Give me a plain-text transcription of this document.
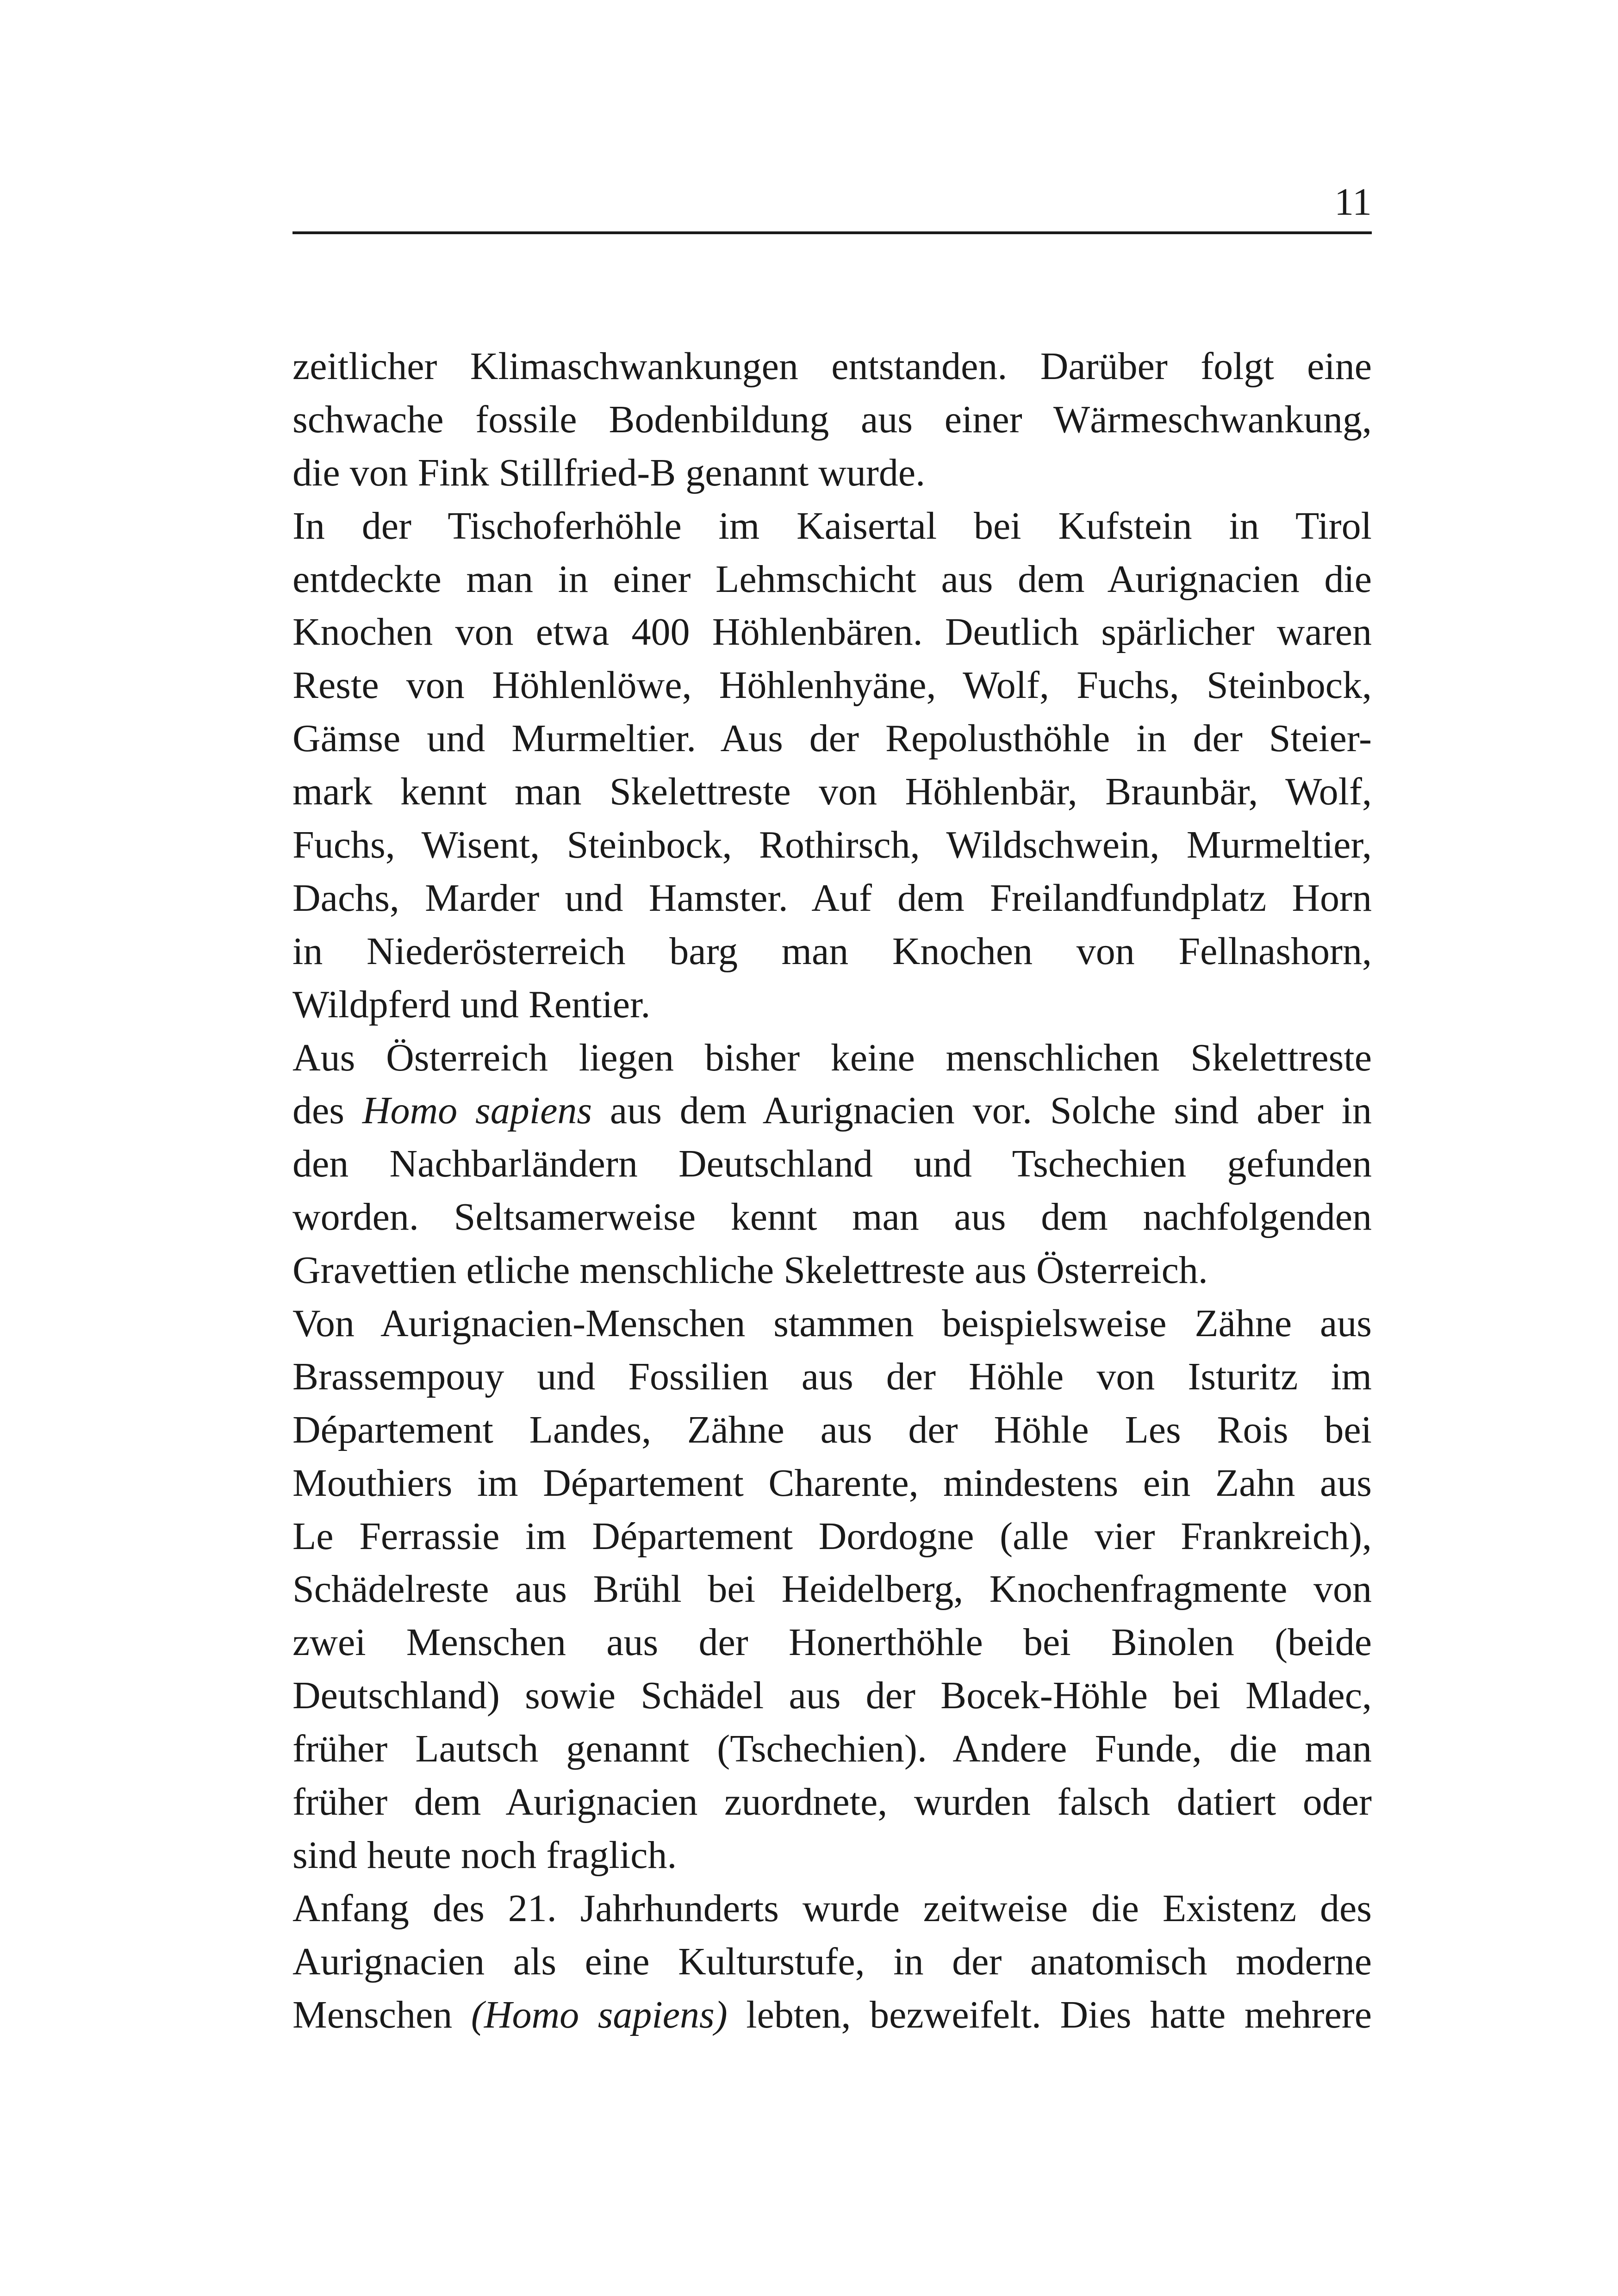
11
zeitlicher Klimaschwankungen entstanden. Darüber folgt eine
schwache fossile Bodenbildung aus einer Wärmeschwankung,
die von Fink Stillfried-B genannt wurde.
In der Tischoferhöhle im Kaisertal bei Kufstein in Tirol
entdeckte man in einer Lehmschicht aus dem Aurignacien die
Knochen von etwa 400 Höhlenbären. Deutlich spärlicher waren
Reste von Höhlenlöwe, Höhlenhyäne, Wolf, Fuchs, Steinbock,
Gämse und Murmeltier. Aus der Repolusthöhle in der Steier-
mark kennt man Skelettreste von Höhlenbär, Braunbär, Wolf,
Fuchs, Wisent, Steinbock, Rothirsch, Wildschwein, Murmeltier,
Dachs, Marder und Hamster. Auf dem Freilandfundplatz Horn
in Niederösterreich barg man Knochen von Fellnashorn,
Wildpferd und Rentier.
Aus Österreich liegen bisher keine menschlichen Skelettreste
des Homo sapiens aus dem Aurignacien vor. Solche sind aber in
den Nachbarländern Deutschland und Tschechien gefunden
worden. Seltsamerweise kennt man aus dem nachfolgenden
Gravettien etliche menschliche Skelettreste aus Österreich.
Von Aurignacien-Menschen stammen beispielsweise Zähne aus
Brassempouy und Fossilien aus der Höhle von Isturitz im
Département Landes, Zähne aus der Höhle Les Rois bei
Mouthiers im Département Charente, mindestens ein Zahn aus
Le Ferrassie im Département Dordogne (alle vier Frankreich),
Schädelreste aus Brühl bei Heidelberg, Knochenfragmente von
zwei Menschen aus der Honerthöhle bei Binolen (beide
Deutschland) sowie Schädel aus der Bocek-Höhle bei Mladec,
früher Lautsch genannt (Tschechien). Andere Funde, die man
früher dem Aurignacien zuordnete, wurden falsch datiert oder
sind heute noch fraglich.
Anfang des 21. Jahrhunderts wurde zeitweise die Existenz des
Aurignacien als eine Kulturstufe, in der anatomisch moderne
Menschen (Homo sapiens) lebten, bezweifelt. Dies hatte mehrere
